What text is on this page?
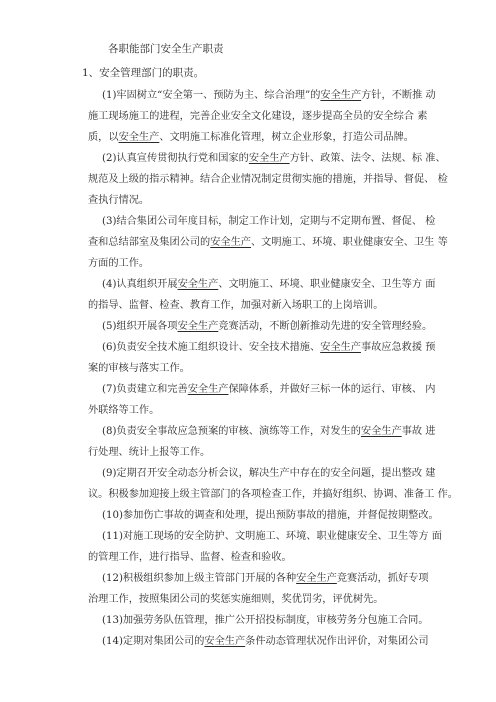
各职能部门安全生产职责
1、安全管理部门的职责。
(1)牢固树立“安全第一、预防为主、综合治理”的安全生产方针，不断推 动
施工现场施工的进程，完善企业安全文化建设，逐步提高全员的安全综合 素
质，以安全生产、文明施工标准化管理，树立企业形象，打造公司品牌。
(2)认真宣传贯彻执行党和国家的安全生产方针、政策、法令、法规、标 准、
规范及上级的指示精神。结合企业情况制定贯彻实施的措施，并指导、督促、 检
查执行情况。
(3)结合集团公司年度目标，制定工作计划，定期与不定期布置、督促、 检
查和总结部室及集团公司的安全生产、文明施工、环境、职业健康安全、卫生 等
方面的工作。
(4)认真组织开展安全生产、文明施工、环境、职业健康安全、卫生等方 面
的指导、监督、检查、教育工作，加强对新入场职工的上岗培训。
(5)组织开展各项安全生产竞赛活动，不断创新推动先进的安全管理经验。
(6)负责安全技术施工组织设计、安全技术措施、安全生产事故应急救援 预
案的审核与落实工作。
(7)负责建立和完善安全生产保障体系，并做好三标一体的运行、审核、 内
外联络等工作。
(8)负责安全事故应急预案的审核、演练等工作，对发生的安全生产事故 进
行处理、统计上报等工作。
(9)定期召开安全动态分析会议，解决生产中存在的安全问题，提出整改 建
议。积极参加迎接上级主管部门的各项检查工作，并搞好组织、协调、准备工 作。
(10)参加伤亡事故的调查和处理，提出预防事故的措施，并督促按期整改。
(11)对施工现场的安全防护、文明施工、环境、职业健康安全、卫生等方 面
的管理工作，进行指导、监督、检查和验收。
(12)积极组织参加上级主管部门开展的各种安全生产竞赛活动，抓好专项
治理工作，按照集团公司的奖惩实施细则，奖优罚劣，评优树先。
(13)加强劳务队伍管理，推广公开招投标制度，审核劳务分包施工合同。
(14)定期对集团公司的安全生产条件动态管理状况作出评价，对集团公司
